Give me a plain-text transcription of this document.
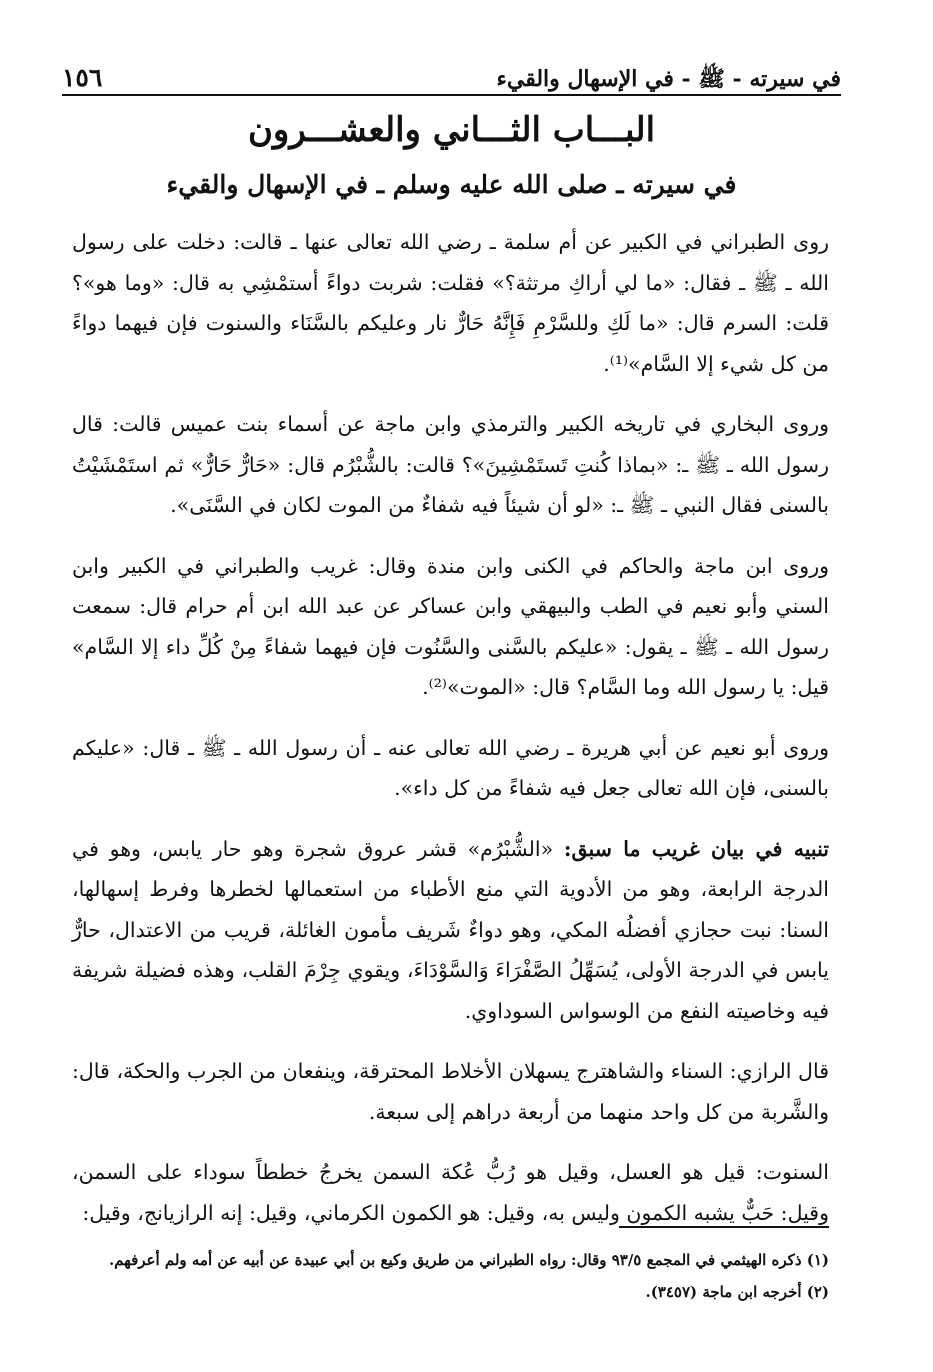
في سيرته - ﷺ - في الإسهال والقيء
١٥٦
البـــاب الثـــاني والعشـــرون
في سيرته ـ صلى الله عليه وسلم ـ في الإسهال والقيء

روى الطبراني في الكبير عن أم سلمة ـ رضي الله تعالى عنها ـ قالت: دخلت على رسول الله ـ ﷺ ـ فقال: «ما لي أراكِ مرتثة؟» فقلت: شربت دواءً أستمْشِي به قال: «وما هو»؟ قلت: السرم قال: «ما لَكِ وللسَّرْمِ فَإِنَّهُ حَارٌّ نار وعليكم بالسَّنَاء والسنوت فإن فيهما دواءً من كل شيء إلا السَّام»⁽¹⁾.

وروى البخاري في تاريخه الكبير والترمذي وابن ماجة عن أسماء بنت عميس قالت: قال رسول الله ـ ﷺ ـ: «بماذا كُنتِ تَستَمْشِينَ»؟ قالت: بالشُّبْرُم قال: «حَارٌّ حَارٌّ» ثم استَمْشَيْتُ بالسنى فقال النبي ـ ﷺ ـ: «لو أن شيئاً فيه شفاءٌ من الموت لكان في السَّنَى».

وروى ابن ماجة والحاكم في الكنى وابن مندة وقال: غريب والطبراني في الكبير وابن السني وأبو نعيم في الطب والبيهقي وابن عساكر عن عبد الله ابن أم حرام قال: سمعت رسول الله ـ ﷺ ـ يقول: «عليكم بالسَّنى والسَّنُوت فإن فيهما شفاءً مِنْ كُلِّ داء إلا السَّام» قيل: يا رسول الله وما السَّام؟ قال: «الموت»⁽²⁾.

وروى أبو نعيم عن أبي هريرة ـ رضي الله تعالى عنه ـ أن رسول الله ـ ﷺ ـ قال: «عليكم بالسنى، فإن الله تعالى جعل فيه شفاءً من كل داء».

تنبيه في بيان غريب ما سبق: «الشُّبْرُم» قشر عروق شجرة وهو حار يابس، وهو في الدرجة الرابعة، وهو من الأدوية التي منع الأطباء من استعمالها لخطرها وفرط إسهالها، السنا: نبت حجازي أفضلُه المكي، وهو دواءٌ شَريف مأمون الغائلة، قريب من الاعتدال، حارٌّ يابس في الدرجة الأولى، يُسَهِّلُ الصَّفْرَاءَ وَالسَّوْدَاءَ، ويقوي جِرْمَ القلب، وهذه فضيلة شريفة فيه وخاصيته النفع من الوسواس السوداوي.

قال الرازي: السناء والشاهترج يسهلان الأخلاط المحترقة، وينفعان من الجرب والحكة، قال: والشَّربة من كل واحد منهما من أربعة دراهم إلى سبعة.

السنوت: قيل هو العسل، وقيل هو رُبُّ عُكة السمن يخرجُ خططاً سوداء على السمن، وقيل: حَبٌّ يشبه الكمون وليس به، وقيل: هو الكمون الكرماني، وقيل: إنه الرازيانج، وقيل:

(١) ذكره الهيثمي في المجمع ٩٣/٥ وقال: رواه الطبراني من طريق وكيع بن أبي عبيدة عن أبيه عن أمه ولم أعرفهم.
(٢) أخرجه ابن ماجة (٣٤٥٧).
